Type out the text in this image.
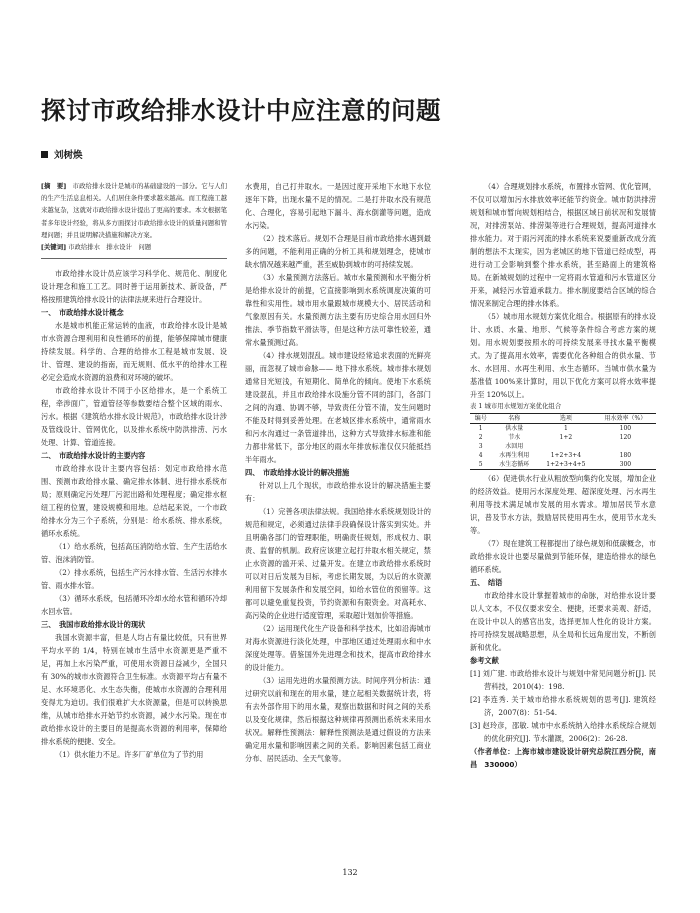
探讨市政给排水设计中应注意的问题
刘树焕

[摘　要]　 市政给排水设计是城市的基础建设的一部分。它与人们的生产生活息息相关。人们居住条件要求越来越高。而工程施工越来越复杂，这就对市政给排水设计提出了更高的要求。本文根据笔者多年设计经验，将从多方面探讨市政给排水设计的质量问题和管理问题；并且说明解决措施和解决方案。

[关键词] 市政给排水　排水设计　问题

市政给排水设计员应该学习科学化、规范化、制度化设计理念和施工工艺。同时善于运用新技术、新设备，严格按照建筑给排水设计的法律法规来进行合理设计。

一、　市政给排水设计概念

水是城市机能正常运转的血液，市政给排水设计是城市水资源合理利用和良性循环的前提，能够保障城市健康持续发展。科学的、合理的给排水工程是城市发展、设计、管理、建设的指南，而无规则、低水平的给排水工程必定会造成水资源的浪费和对环境的破坏。

市政给排水设计不同于小区给排水，是一个系统工程，牵涉面广，管道管径等参数要结合整个区域的雨水、污水。根据《建筑给水排水设计规范》，市政给排水设计涉及管线设计、管网优化，以及排水系统中防洪排涝、污水处理、计算、管道连接。

二、　市政给排水设计的主要内容

市政给排水设计主要内容包括：划定市政给排水范围、预测市政给排水量、确定排水体制、进行排水系统布局；原则确定污处理厂污泥出路和处理程度；确定排水枢纽工程的位置，建设规模和用地。总结起来说，一个市政给排水分为三个子系统，分别是：给水系统、排水系统，循环水系统。

（1）给水系统，包括高压消防给水管、生产生活给水管、泡沫消防管。

（2）排水系统，包括生产污水排水管、生活污水排水管、雨水排水管。

（3）循环水系统，包括循环冷却水给水管和循环冷却水回水管。

三、　我国市政给排水设计的现状

我国水资源丰富，但是人均占有量比较低，只有世界平均水平的 1/4，特别在城市生活中水资源更是严重不足，再加上水污染严重，可使用水资源日益减少，全国只有 30%的城市水资源符合卫生标准。水资源平均占有量不足、水环境恶化、水生态失衡，使城市水资源的合理利用变得尤为迫切。我们很难扩大水资源量，但是可以转换思维，从城市给排水开始节约水资源，减少水污染。现在市政给排水设计的主要目的是提高水资源的利用率，保障给排水系统的便捷、安全。

（1）供水能力不足。许多厂矿单位为了节约用

水费用，自己打井取水。一是因过度开采地下水地下水位逐年下降，出现水量不足的情况。二是打井取水没有规范化、合理化，容易引起地下漏斗、海水倒灌等问题，造成水污染。

（2）技术落后。规划不合理是目前市政给排水遇到最多的问题，不能利用正确的分析工具和规划理念，使城市缺水情况越来越严重，甚至威胁到城市的可持续发展。

（3）水量预测方法落后。城市水量预测和水平衡分析是给排水设计的前提，它直接影响到水系统调度决策的可靠性和实用性。城市用水量跟城市规模大小、居民活动和气象原因有关。水量预测方法主要有历史综合用水回归外推法、季节指数平滑法等，但是这种方法可靠性较差，通常水量预测过高。

（4）排水规划混乱。城市建设经常追求表面的光鲜亮丽，而忽视了城市命脉—— 地下排水系统。城市排水规划通常目光短浅，有短期化、简单化的倾向。使地下水系统建设混乱，并且市政给排水设施分管不同的部门，各部门之间的沟通、协调不够，导致责任分管不清，发生问题时不能及时得到妥善处理。在老城区排水系统中，通常雨水和污水沟通过一条管道排出，这种方式导致排水标准和能力都非常低下，部分地区的雨水年排放标准仅仅只能抵挡半年雨水。

四、　市政给排水设计的解决措施

针对以上几个现状，市政给排水设计的解决措施主要有：

（1）完善各项法律法规。我国给排水系统规划设计的规范和规定，必须通过法律手段确保设计落实到实处。并且明确各部门的管理职能，明确责任规划，形成权力、职责、监督的机制。政府应该建立起打井取水相关规定，禁止水资源的滥开采、过量开发。在建立市政给排水系统时可以对日后发展为目标，考虑长期发展，为以后的水资源利用留下发展条件和发展空间，如给水管位的预留等。这都可以避免重复投资，节约资源和有限资金。对高耗水、高污染的企业进行适度管理，采取超计划加价等措施。

（2）运用现代化生产设备和科学技术，比如沿海城市对海水资源进行淡化处理，中部地区通过处理雨水和中水深度处理等。借鉴国外先进理念和技术，提高市政给排水的设计能力。

（3）运用先进的水量预测方法。时间序列分析法：通过研究以前和现在的用水量，建立起相关数据统计表，将有去外部作用下的用水量，观察出数据和时间之间的关系以及变化规律，然后根据这种规律再预测出系统未来用水状况。解释性预测法：解释性预测法是通过假设的方法来确定用水量和影响因素之间的关系。影响因素包括工商业分布、居民活动、全天气象等。

（4）合理规划排水系统，布置排水管网、优化管网，不仅可以增加污水排放效率还能节约资金。城市防洪排涝规划和城市暂向规划相结合，根据区域日前状况和发展情况，对排涝泵站、排涝渠等进行合理规划，提高河道排水排水能力。对于雨污河流的排水系统来说要重新改成分流制的想法不太现实，因为老城区的地下管道已经成型，再进行动工会影响到整个排水系统，甚至路面上的建筑格局。在新城规划的过程中一定将雨水管道和污水管道区分开来，减轻污水管道承载力。排水制度要结合区域的综合情况来制定合理的排水体系。

（5）城市用水规划方案优化组合。根据原有的排水设计、水质、水量、地形、气候等条件综合考虑方案的规划。用水规划要按照水的可持续发展来寻找水量平衡模式。为了提高用水效率，需要优化各种组合的供水量、节水、水回用、水再生利用、水生态循环。当城市供水量为基准值 100%来计算时，用以下优化方案可以将水效率提升至 120%以上。

表 1 城市用水规划方案优化组合

编号	名称	选项	用水效率（%）
1	供水量	1	100
2	节水	1+2	120
3	水回用		
4	水再生利用	1+2+3+4	180
5	水生态循环	1+2+3+4+5	300

（6）促进供水行业从粗放型向集约化发展，增加企业的经济效益。使用污水深度处理、超深度处理、污水再生利用等技术满足城市发展的用水需求。增加居民节水意识，普及节水方法，鼓励居民使用再生水，使用节水龙头等。

（7）现在建筑工程都提出了绿色规划和低碳概念，市政给排水设计也要尽量做到节能环保，建造给排水的绿色循环系统。

五、　结语

市政给排水设计掌握着城市的命脉，对给排水设计要以人文本，不仅仅要求安全、便捷，还要求美观、舒适，在设计中以人的感官出发，选择更加人性化的设计方案。持可持续发展战略思想，从全局和长远角度出发，不断创新和优化。

参考文献

[1] 刘广建. 市政给排水设计与规划中常见问题分析[J]. 民营科技，2010(4)：198.

[2] 李连秀. 关于城市给排水系统规划的思考[J]. 建筑经济，2007(8)：51-54.

[3] 赵玲彦，邵敏. 城市中水系统纳入给排水系统综合规划的优化研究[J]. 节水灌溉，2006(2)：26-28.

（作者单位：上海市城市建设设计研究总院江西分院，南昌　330000）

132
